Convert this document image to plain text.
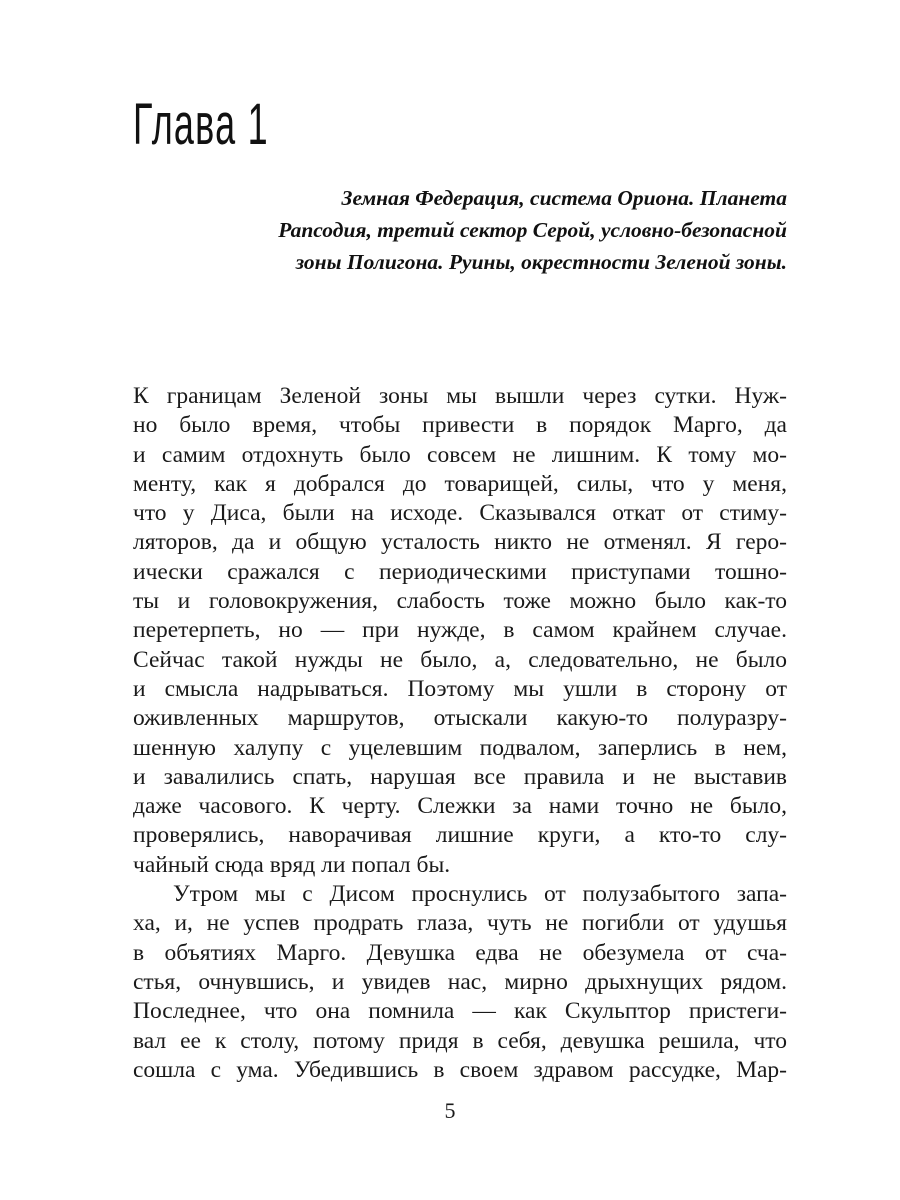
Глава 1
Земная Федерация, система Ориона. Планета
Рапсодия, третий сектор Серой, условно-безопасной
зоны Полигона. Руины, окрестности Зеленой зоны.
К границам Зеленой зоны мы вышли через сутки. Нуж-
но было время, чтобы привести в порядок Марго, да
и самим отдохнуть было совсем не лишним. К тому мо-
менту, как я добрался до товарищей, силы, что у меня,
что у Диса, были на исходе. Сказывался откат от стиму-
ляторов, да и общую усталость никто не отменял. Я геро-
ически сражался с периодическими приступами тошно-
ты и головокружения, слабость тоже можно было как-то
перетерпеть, но — при нужде, в самом крайнем случае.
Сейчас такой нужды не было, а, следовательно, не было
и смысла надрываться. Поэтому мы ушли в сторону от
оживленных маршрутов, отыскали какую-то полуразру-
шенную халупу с уцелевшим подвалом, заперлись в нем,
и завалились спать, нарушая все правила и не выставив
даже часового. К черту. Слежки за нами точно не было,
проверялись, наворачивая лишние круги, а кто-то слу-
чайный сюда вряд ли попал бы.
Утром мы с Дисом проснулись от полузабытого запа-
ха, и, не успев продрать глаза, чуть не погибли от удушья
в объятиях Марго. Девушка едва не обезумела от сча-
стья, очнувшись, и увидев нас, мирно дрыхнущих рядом.
Последнее, что она помнила — как Скульптор пристеги-
вал ее к столу, потому придя в себя, девушка решила, что
сошла с ума. Убедившись в своем здравом рассудке, Мар-
5
